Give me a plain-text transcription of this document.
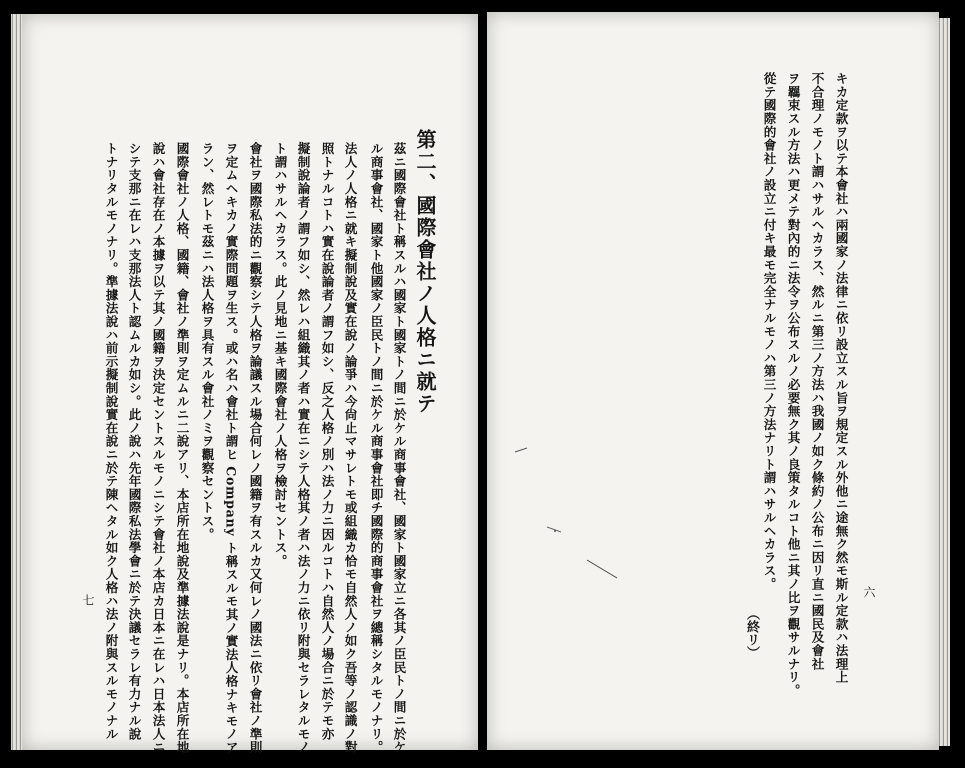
第二、國際會社ノ人格ニ就テ
茲ニ國際會社ト稱スルハ國家ト國家トノ間ニ於ケル商事會社、國家ト國家立ニ各其ノ臣民トノ間ニ於ケ
ル商事會社、國家ト他國家ノ臣民トノ間ニ於ケル商事會社即チ國際的商事會社ヲ總稱シタルモノナリ。
法人ノ人格ニ就キ擬制說及實在說ノ論爭ハ今尙止マサレトモ或組織カ恰モ自然人ノ如ク吾等ノ認識ノ對
照トナルコトハ實在說論者ノ謂フ如シ、反之人格ノ別ハ法ノ力ニ因ルコトハ自然人ノ場合ニ於テモ亦
擬制說論者ノ謂フ如シ、然レハ組織其ノ者ハ實在ニシテ人格其ノ者ハ法ノ力ニ依リ附與セラレタルモノ
ト謂ハサルヘカラス。此ノ見地ニ基キ國際會社ノ人格ヲ檢討セントス。
會社ヲ國際私法的ニ觀察シテ人格ヲ論議スル場合何レノ國籍ヲ有スルカ又何レノ國法ニ依リ會社ノ準則
ヲ定ムヘキカノ實際問題ヲ生ス。或ハ名ハ會社ト謂ヒ Company ト稱スルモ其ノ實法人格ナキモノア
ラン、然レトモ茲ニハ法人格ヲ具有スル會社ノミヲ觀察セントス。
國際會社ノ人格、國籍、會社ノ準則ヲ定ムルニ二說アリ、本店所在地說及準據法說是ナリ。本店所在地
說ハ會社存在ノ本據ヲ以テ其ノ國籍ヲ決定セントスルモノニシテ會社ノ本店カ日本ニ在レハ日本法人ニ
シテ支那ニ在レハ支那法人ト認ムルカ如シ。此ノ說ハ先年國際私法學會ニ於テ決議セラレ有力ナル說
トナリタルモノナリ。準據法說ハ前示擬制說實在說ニ於テ陳ヘタル如ク人格ハ法ノ附與スルモノナル
七
六
キカ定款ヲ以テ本會社ハ兩國家ノ法律ニ依リ設立スル旨ヲ規定スル外他ニ途無ク然モ斯ル定款ハ法理上
不合理ノモノト謂ハサルヘカラス、然ルニ第三ノ方法ハ我國ノ如ク條約ノ公布ニ因リ直ニ國民及會社
ヲ羈束スル方法ハ更メテ對內的ニ法令ヲ公布スルノ必要無ク其ノ良策タルコト他ニ其ノ比ヲ觀サルナリ。
從テ國際的會社ノ設立ニ付キ最モ完全ナルモノハ第三ノ方法ナリト謂ハサルヘカラス。
（終リ）
